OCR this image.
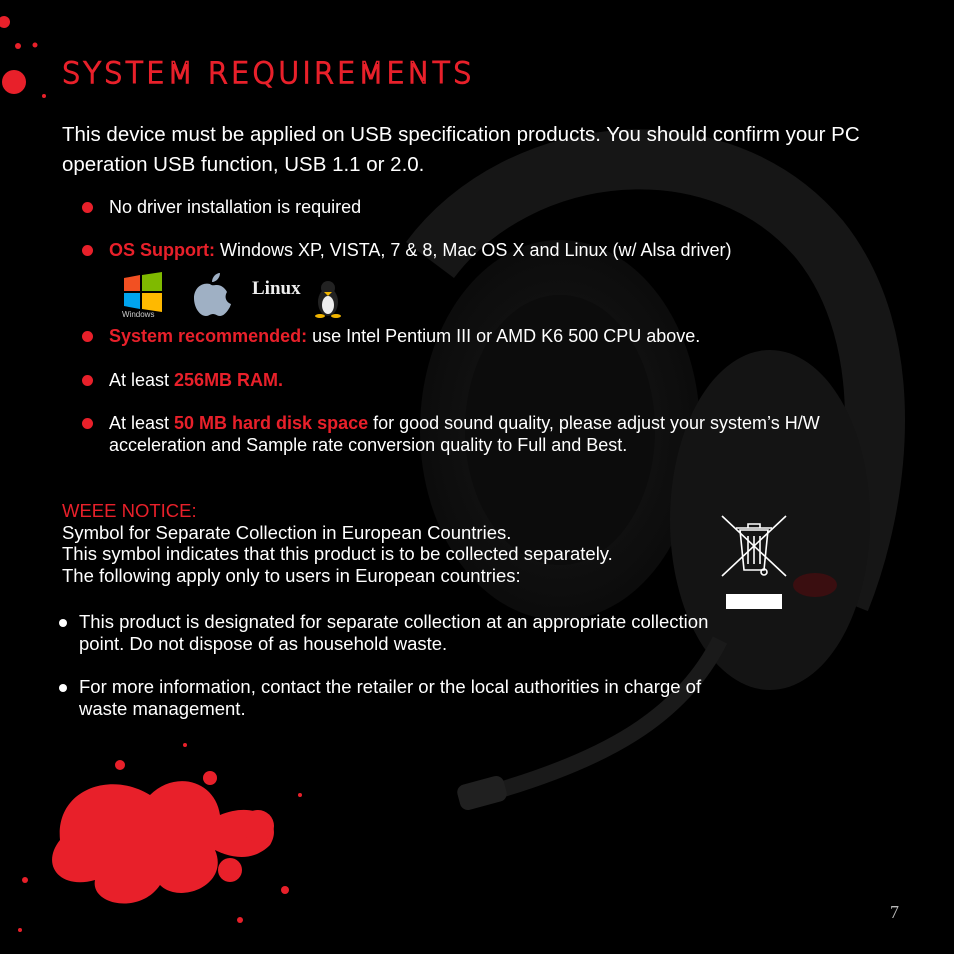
SYSTEM REQUIREMENTS
This device must be applied on USB specification products. You should confirm your PC operation USB function, USB 1.1 or 2.0.
No driver installation is required
OS Support: Windows XP, VISTA, 7 & 8, Mac OS X and Linux (w/ Alsa driver)
System recommended: use Intel Pentium III or AMD K6 500 CPU above.
At least 256MB RAM.
At least 50 MB hard disk space for good sound quality, please adjust your system’s H/W acceleration and Sample rate conversion quality to Full and Best.
Windows
Linux
WEEE NOTICE:
Symbol for Separate Collection in European Countries.
This symbol indicates that this product is to be collected separately.
The following apply only to users in European countries:
This product is designated for separate collection at an appropriate collection point. Do not dispose of as household waste.
For more information, contact the retailer or the local authorities in charge of waste management.
7
